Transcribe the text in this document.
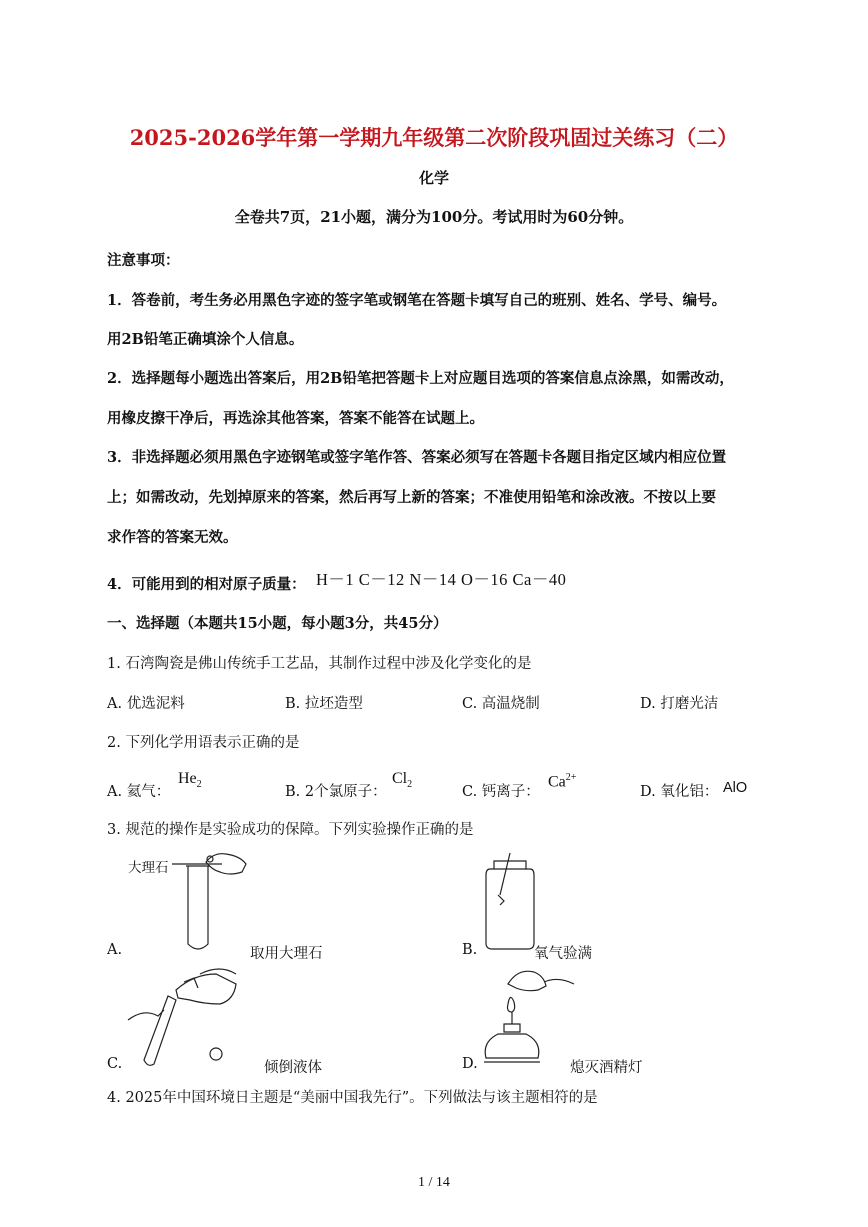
2025-2026学年第一学期九年级第二次阶段巩固过关练习（二）
化学
全卷共7页，21小题，满分为100分。考试用时为60分钟。
注意事项：
1．答卷前，考生务必用黑色字迹的签字笔或钢笔在答题卡填写自己的班别、姓名、学号、编号。
用2B铅笔正确填涂个人信息。
2．选择题每小题选出答案后，用2B铅笔把答题卡上对应题目选项的答案信息点涂黑，如需改动，
用橡皮擦干净后，再选涂其他答案，答案不能答在试题上。
3．非选择题必须用黑色字迹钢笔或签字笔作答、答案必须写在答题卡各题目指定区域内相应位置
上；如需改动，先划掉原来的答案，然后再写上新的答案；不准使用铅笔和涂改液。不按以上要
求作答的答案无效。
4．可能用到的相对原子质量： H－1 C－12 N－14 O－16 Ca－40
一、选择题（本题共15小题，每小题3分，共45分）
1. 石湾陶瓷是佛山传统手工艺品，其制作过程中涉及化学变化的是
A. 优选泥料	B. 拉坯造型	C. 高温烧制	D. 打磨光洁
2. 下列化学用语表示正确的是
A. 氦气：
$He_2$	B. 2个氯原子：
$Cl_2$	C. 钙离子：
$Ca^{2+}$
D. 氧化铝： AlO
3. 规范的操作是实验成功的保障。下列实验操作正确的是
大理石
A.	取用大理石	B.	氧气验满
C.	倾倒液体	D.	熄灭酒精灯
4. 2025年中国环境日主题是“美丽中国我先行”。下列做法与该主题相符的是
1 / 14
